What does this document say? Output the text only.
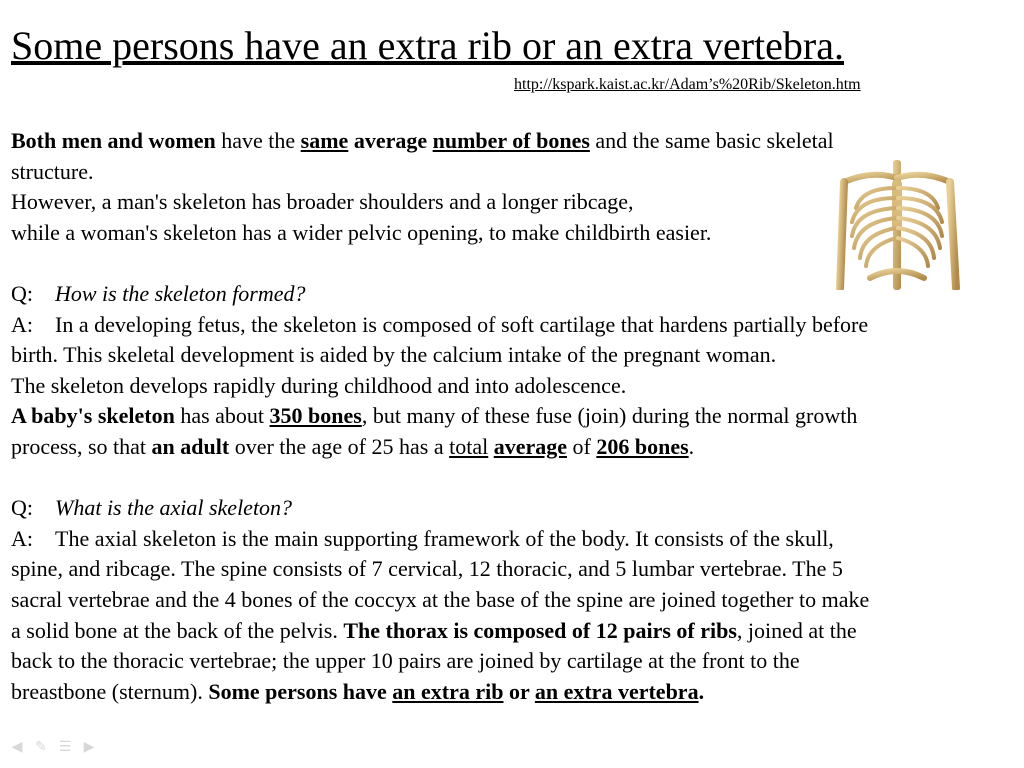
Some persons have an extra rib or an extra vertebra.
http://kspark.kaist.ac.kr/Adam’s%20Rib/Skeleton.htm
Both men and women have the same average number of bones and the same basic skeletal
structure.
However, a man's skeleton has broader shoulders and a longer ribcage,
while a woman's skeleton has a wider pelvic opening, to make childbirth easier.
Q: How is the skeleton formed?
A: In a developing fetus, the skeleton is composed of soft cartilage that hardens partially before
birth. This skeletal development is aided by the calcium intake of the pregnant woman.
The skeleton develops rapidly during childhood and into adolescence.
A baby's skeleton has about 350 bones, but many of these fuse (join) during the normal growth
process, so that an adult over the age of 25 has a total average of 206 bones.
Q: What is the axial skeleton?
A: The axial skeleton is the main supporting framework of the body. It consists of the skull,
spine, and ribcage. The spine consists of 7 cervical, 12 thoracic, and 5 lumbar vertebrae. The 5
sacral vertebrae and the 4 bones of the coccyx at the base of the spine are joined together to make
a solid bone at the back of the pelvis. The thorax is composed of 12 pairs of ribs, joined at the
back to the thoracic vertebrae; the upper 10 pairs are joined by cartilage at the front to the
breastbone (sternum). Some persons have an extra rib or an extra vertebra.
◀ ✎ ☰ ▶
